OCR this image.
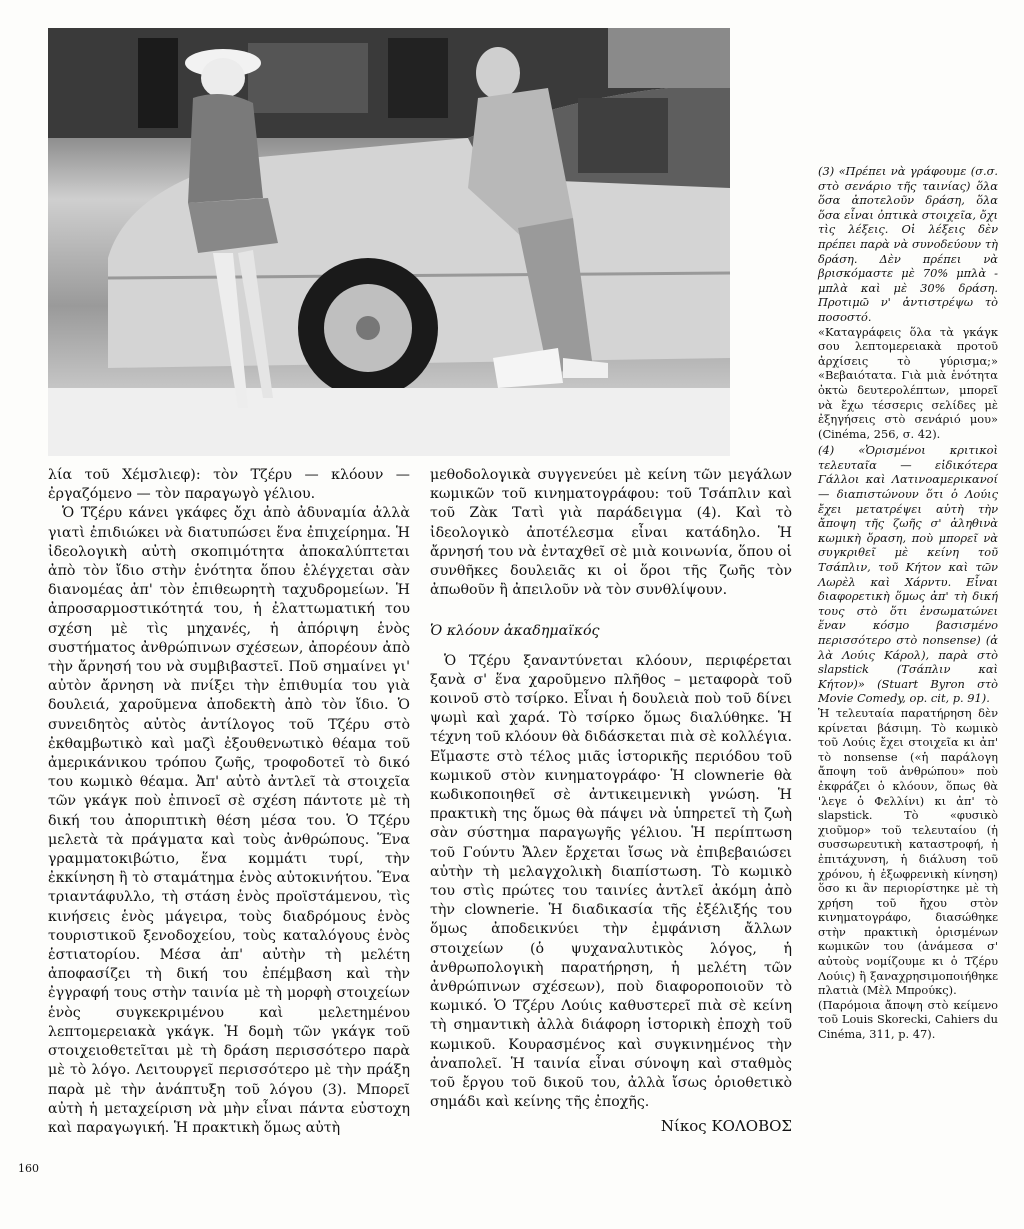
λία τοῦ Χέμσλιεφ): τὸν Τζέρυ — κλόουν — ἐργαζόμενο — τὸν παραγωγὸ γέλιου.

Ὁ Τζέρυ κάνει γκάφες ὄχι ἀπὸ ἀδυναμία ἀλλὰ γιατὶ ἐπιδιώκει νὰ διατυπώσει ἕνα ἐπιχείρημα. Ἡ ἰδεολογικὴ αὐτὴ σκοπιμότητα ἀποκαλύπτεται ἀπὸ τὸν ἴδιο στὴν ἑνότητα ὅπου ἐλέγχεται σὰν διανομέας ἀπ' τὸν ἐπιθεωρητὴ ταχυδρομείων. Ἡ ἀπροσαρμοστικότητά του, ἡ ἐλαττωματική του σχέση μὲ τὶς μηχανές, ἡ ἀπόριψη ἑνὸς συστήματος ἀνθρώπινων σχέσεων, ἀπορέουν ἀπὸ τὴν ἄρνησή του νὰ συμβιβαστεῖ. Ποῦ σημαίνει γι' αὐτὸν ἄρνηση νὰ πνίξει τὴν ἐπιθυμία του γιὰ δουλειά, χαροῦμενα ἀποδεκτὴ ἀπὸ τὸν ἴδιο. Ὁ συνειδητὸς αὐτὸς ἀντίλογος τοῦ Τζέρυ στὸ ἐκθαμβωτικὸ καὶ μαζὶ ἐξουθενωτικὸ θέαμα τοῦ ἀμερικάνικου τρόπου ζωῆς, τροφοδοτεῖ τὸ δικό του κωμικὸ θέαμα. Ἀπ' αὐτὸ ἀντλεῖ τὰ στοιχεῖα τῶν γκάγκ ποὺ ἐπινοεῖ σὲ σχέση πάντοτε μὲ τὴ δική του ἀποριπτικὴ θέση μέσα του. Ὁ Τζέρυ μελετὰ τὰ πράγματα καὶ τοὺς ἀνθρώπους. Ἕνα γραμματοκιβώτιο, ἕνα κομμάτι τυρί, τὴν ἐκκίνηση ἢ τὸ σταμάτημα ἑνὸς αὐτοκινήτου. Ἕνα τριαντάφυλλο, τὴ στάση ἑνὸς προϊστάμενου, τὶς κινήσεις ἑνὸς μάγειρα, τοὺς διαδρόμους ἑνὸς τουριστικοῦ ξενοδοχείου, τοὺς καταλόγους ἑνὸς ἑστιατορίου. Μέσα ἀπ' αὐτὴν τὴ μελέτη ἀποφασίζει τὴ δική του ἐπέμβαση καὶ τὴν ἐγγραφή τους στὴν ταινία μὲ τὴ μορφὴ στοιχείων ἑνὸς συγκεκριμένου καὶ μελετημένου λεπτομερειακὰ γκάγκ. Ἡ δομὴ τῶν γκάγκ τοῦ στοιχειοθετεῖται μὲ τὴ δράση περισσότερο παρὰ μὲ τὸ λόγο. Λειτουργεῖ περισσότερο μὲ τὴν πράξη παρὰ μὲ τὴν ἀνάπτυξη τοῦ λόγου (3). Μπορεῖ αὐτὴ ἡ μεταχείριση νὰ μὴν εἶναι πάντα εὐστοχη καὶ παραγωγική. Ἡ πρακτικὴ ὅμως αὐτὴ

μεθοδολογικὰ συγγενεύει μὲ κείνη τῶν μεγάλων κωμικῶν τοῦ κινηματογράφου: τοῦ Τσάπλιν καὶ τοῦ Ζὰκ Τατὶ γιὰ παράδειγμα (4). Καὶ τὸ ἰδεολογικὸ ἀποτέλεσμα εἶναι κατάδηλο. Ἡ ἄρνησή του νὰ ἐνταχθεῖ σὲ μιὰ κοινωνία, ὅπου οἱ συνθῆκες δουλειᾶς κι οἱ ὅροι τῆς ζωῆς τὸν ἀπωθοῦν ἢ ἀπειλοῦν νὰ τὸν συνθλίψουν.

Ὁ κλόουν ἀκαδημαϊκός

Ὁ Τζέρυ ξαναντύνεται κλόουν, περιφέρεται ξανὰ σ' ἕνα χαροῦμενο πλῆθος – μεταφορὰ τοῦ κοινοῦ στὸ τσίρκο. Εἶναι ἡ δουλειὰ ποὺ τοῦ δίνει ψωμὶ καὶ χαρά. Τὸ τσίρκο ὅμως διαλύθηκε. Ἡ τέχνη τοῦ κλόουν θὰ διδάσκεται πιὰ σὲ κολλέγια. Εἴμαστε στὸ τέλος μιᾶς ἱστορικῆς περιόδου τοῦ κωμικοῦ στὸν κινηματογράφο· Ἡ clownerie θὰ κωδικοποιηθεῖ σὲ ἀντικειμενικὴ γνώση. Ἡ πρακτικὴ της ὅμως θὰ πάψει νὰ ὑπηρετεῖ τὴ ζωὴ σὰν σύστημα παραγωγῆς γέλιου. Ἡ περίπτωση τοῦ Γούντυ Ἄλεν ἔρχεται ἴσως νὰ ἐπιβεβαιώσει αὐτὴν τὴ μελαγχολικὴ διαπίστωση. Τὸ κωμικὸ του στὶς πρώτες του ταινίες ἀντλεῖ ἀκόμη ἀπὸ τὴν clownerie. Ἡ διαδικασία τῆς ἐξέλιξής του ὅμως ἀποδεικνύει τὴν ἐμφάνιση ἄλλων στοιχείων (ὁ ψυχαναλυτικὸς λόγος, ἡ ἀνθρωπολογικὴ παρατήρηση, ἡ μελέτη τῶν ἀνθρώπινων σχέσεων), ποὺ διαφοροποιοῦν τὸ κωμικό. Ὁ Τζέρυ Λούις καθυστερεῖ πιὰ σὲ κείνη τὴ σημαντικὴ ἀλλὰ διάφορη ἱστορικὴ ἐποχὴ τοῦ κωμικοῦ. Κουρασμένος καὶ συγκινημένος τὴν ἀναπολεῖ. Ἡ ταινία εἶναι σύνοψη καὶ σταθμὸς τοῦ ἔργου τοῦ δικοῦ του, ἀλλὰ ἴσως ὁριοθετικὸ σημάδι καὶ κείνης τῆς ἐποχῆς.

Νίκος ΚΟΛΟΒΟΣ

(3) «Πρέπει νὰ γράφουμε (σ.σ. στὸ σενάριο τῆς ταινίας) ὅλα ὅσα ἀποτελοῦν δράση, ὅλα ὅσα εἶναι ὀπτικὰ στοιχεῖα, ὄχι τὶς λέξεις. Οἱ λέξεις δὲν πρέπει παρὰ νὰ συνοδεύουν τὴ δράση. Δὲν πρέπει νὰ βρισκόμαστε μὲ 70% μπλὰ - μπλὰ καὶ μὲ 30% δράση. Προτιμῶ ν' ἀντιστρέψω τὸ ποσοστό.

«Καταγράφεις ὅλα τὰ γκάγκ σου λεπτομερειακὰ προτοῦ ἀρχίσεις τὸ γύρισμα;» «Βεβαιότατα. Γιὰ μιὰ ἑνότητα ὀκτὼ δευτερολέπτων, μπορεῖ νὰ ἔχω τέσσερις σελίδες μὲ ἐξηγήσεις στὸ σενάριό μου» (Cinéma, 256, σ. 42).

(4) «Ὁρισμένοι κριτικοὶ τελευταῖα — εἰδικότερα Γάλλοι καὶ Λατινοαμερικανοί — διαπιστώνουν ὅτι ὁ Λούις ἔχει μετατρέψει αὐτὴ τὴν ἄποψη τῆς ζωῆς σ' ἀληθινὰ κωμικὴ ὅραση, ποὺ μπορεῖ νὰ συγκριθεῖ μὲ κείνη τοῦ Τσάπλιν, τοῦ Κήτον καὶ τῶν Λωρὲλ καὶ Χάρντυ. Εἶναι διαφορετικὴ ὅμως ἀπ' τὴ δική τους στὸ ὅτι ἐνσωματώνει ἕναν κόσμο βασισμένο περισσότερο στὸ nonsense) (ἀ λὰ Λούις Κάρολ), παρὰ στὸ slapstick (Τσάπλιν καὶ Κήτον)» (Stuart Byron στὸ Movie Comedy, op. cit, p. 91).

Ἡ τελευταία παρατήρηση δὲν κρίνεται βάσιμη. Τὸ κωμικὸ τοῦ Λούις ἔχει στοιχεῖα κι ἀπ' τὸ nonsense («ἡ παράλογη ἄποψη τοῦ ἀνθρώπου» ποὺ ἐκφράζει ὁ κλόουν, ὅπως θὰ 'λεγε ὁ Φελλίνι) κι ἀπ' τὸ slapstick. Τὸ «φυσικὸ χιοῦμορ» τοῦ τελευταίου (ἡ συσσωρευτικὴ καταστροφή, ἡ ἐπιτάχυνση, ἡ διάλυση τοῦ χρόνου, ἡ ἐξωφρενικὴ κίνηση) ὅσο κι ἂν περιορίστηκε μὲ τὴ χρήση τοῦ ἤχου στὸν κινηματογράφο, διασώθηκε στὴν πρακτικὴ ὁρισμένων κωμικῶν του (ἀνάμεσα σ' αὐτοὺς νομίζουμε κι ὁ Τζέρυ Λούις) ἢ ξαναχρησιμοποιήθηκε πλατιὰ (Μὲλ Μπρούκς).

(Παρόμοια ἄποψη στὸ κείμενο τοῦ Louis Skorecki, Cahiers du Cinéma, 311, p. 47).

160
